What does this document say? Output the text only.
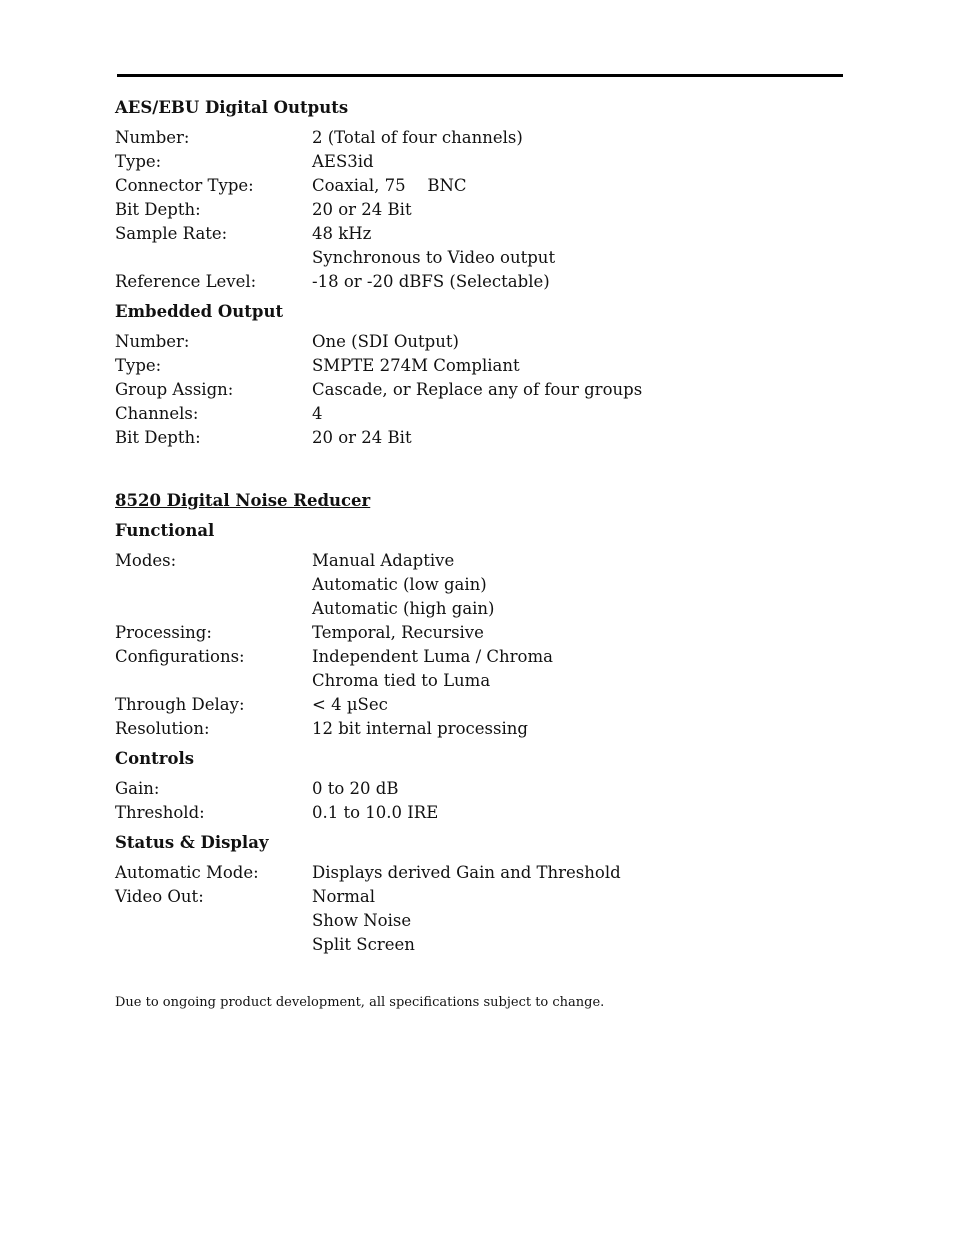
AES/EBU Digital Outputs
Number:	2 (Total of four channels)
Type:	AES3id
Connector Type:	Coaxial, 75  BNC
Bit Depth:	20 or 24 Bit
Sample Rate:	48 kHz
Synchronous to Video output
Reference Level:	-18 or -20 dBFS (Selectable)
Embedded Output
Number:	One (SDI Output)
Type:	SMPTE 274M Compliant
Group Assign:	Cascade, or Replace any of four groups
Channels:	4
Bit Depth:	20 or 24 Bit
8520 Digital Noise Reducer
Functional
Modes:	Manual Adaptive
Automatic (low gain)
Automatic (high gain)
Processing:	Temporal, Recursive
Configurations:	Independent Luma / Chroma
Chroma tied to Luma
Through Delay:	< 4 µSec
Resolution:	12 bit internal processing
Controls
Gain:	0 to 20 dB
Threshold:	0.1 to 10.0 IRE
Status & Display
Automatic Mode:	Displays derived Gain and Threshold
Video Out:	Normal
Show Noise
Split Screen
Due to ongoing product development, all specifications subject to change.
